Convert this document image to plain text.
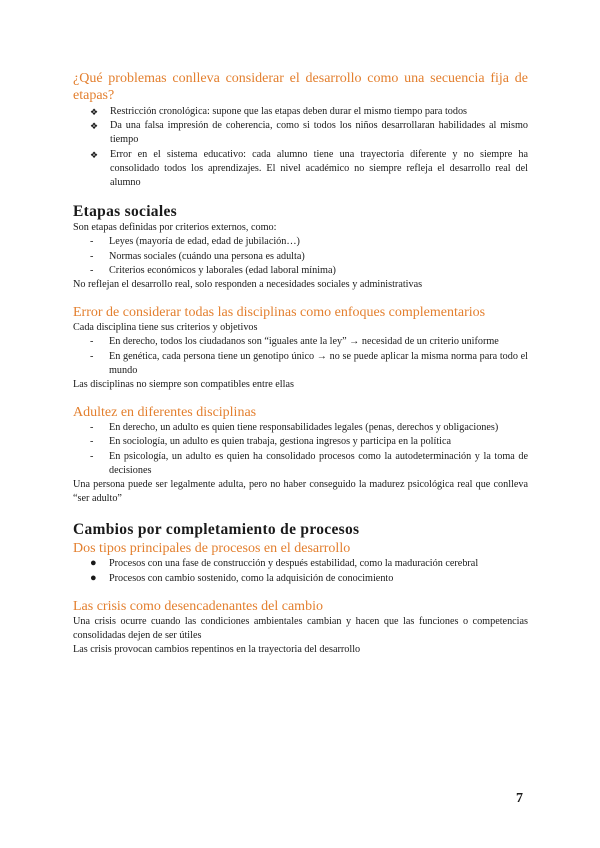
¿Qué problemas conlleva considerar el desarrollo como una secuencia fija de etapas?
❖ Restricción cronológica: supone que las etapas deben durar el mismo tiempo para todos
❖ Da una falsa impresión de coherencia, como si todos los niños desarrollaran habilidades al mismo tiempo
❖ Error en el sistema educativo: cada alumno tiene una trayectoria diferente y no siempre ha consolidado todos los aprendizajes. El nivel académico no siempre refleja el desarrollo real del alumno
Etapas sociales

Son etapas definidas por criterios externos, como:

- Leyes (mayoría de edad, edad de jubilación…)
- Normas sociales (cuándo una persona es adulta)
- Criterios económicos y laborales (edad laboral mínima)

No reflejan el desarrollo real, solo responden a necesidades sociales y administrativas

Error de considerar todas las disciplinas como enfoques complementarios

Cada disciplina tiene sus criterios y objetivos

- En derecho, todos los ciudadanos son “iguales ante la ley” → necesidad de un criterio uniforme
- En genética, cada persona tiene un genotipo único → no se puede aplicar la misma norma para todo el mundo

Las disciplinas no siempre son compatibles entre ellas

Adultez en diferentes disciplinas
- En derecho, un adulto es quien tiene responsabilidades legales (penas, derechos y obligaciones)
- En sociología, un adulto es quien trabaja, gestiona ingresos y participa en la política
- En psicología, un adulto es quien ha consolidado procesos como la autodeterminación y la toma de decisiones

Una persona puede ser legalmente adulta, pero no haber conseguido la madurez psicológica real que conlleva “ser adulto”

Cambios por completamiento de procesos
Dos tipos principales de procesos en el desarrollo
● Procesos con una fase de construcción y después estabilidad, como la maduración cerebral
● Procesos con cambio sostenido, como la adquisición de conocimiento
Las crisis como desencadenantes del cambio

Una crisis ocurre cuando las condiciones ambientales cambian y hacen que las funciones o competencias consolidadas dejen de ser útiles

Las crisis provocan cambios repentinos en la trayectoria del desarrollo

7
